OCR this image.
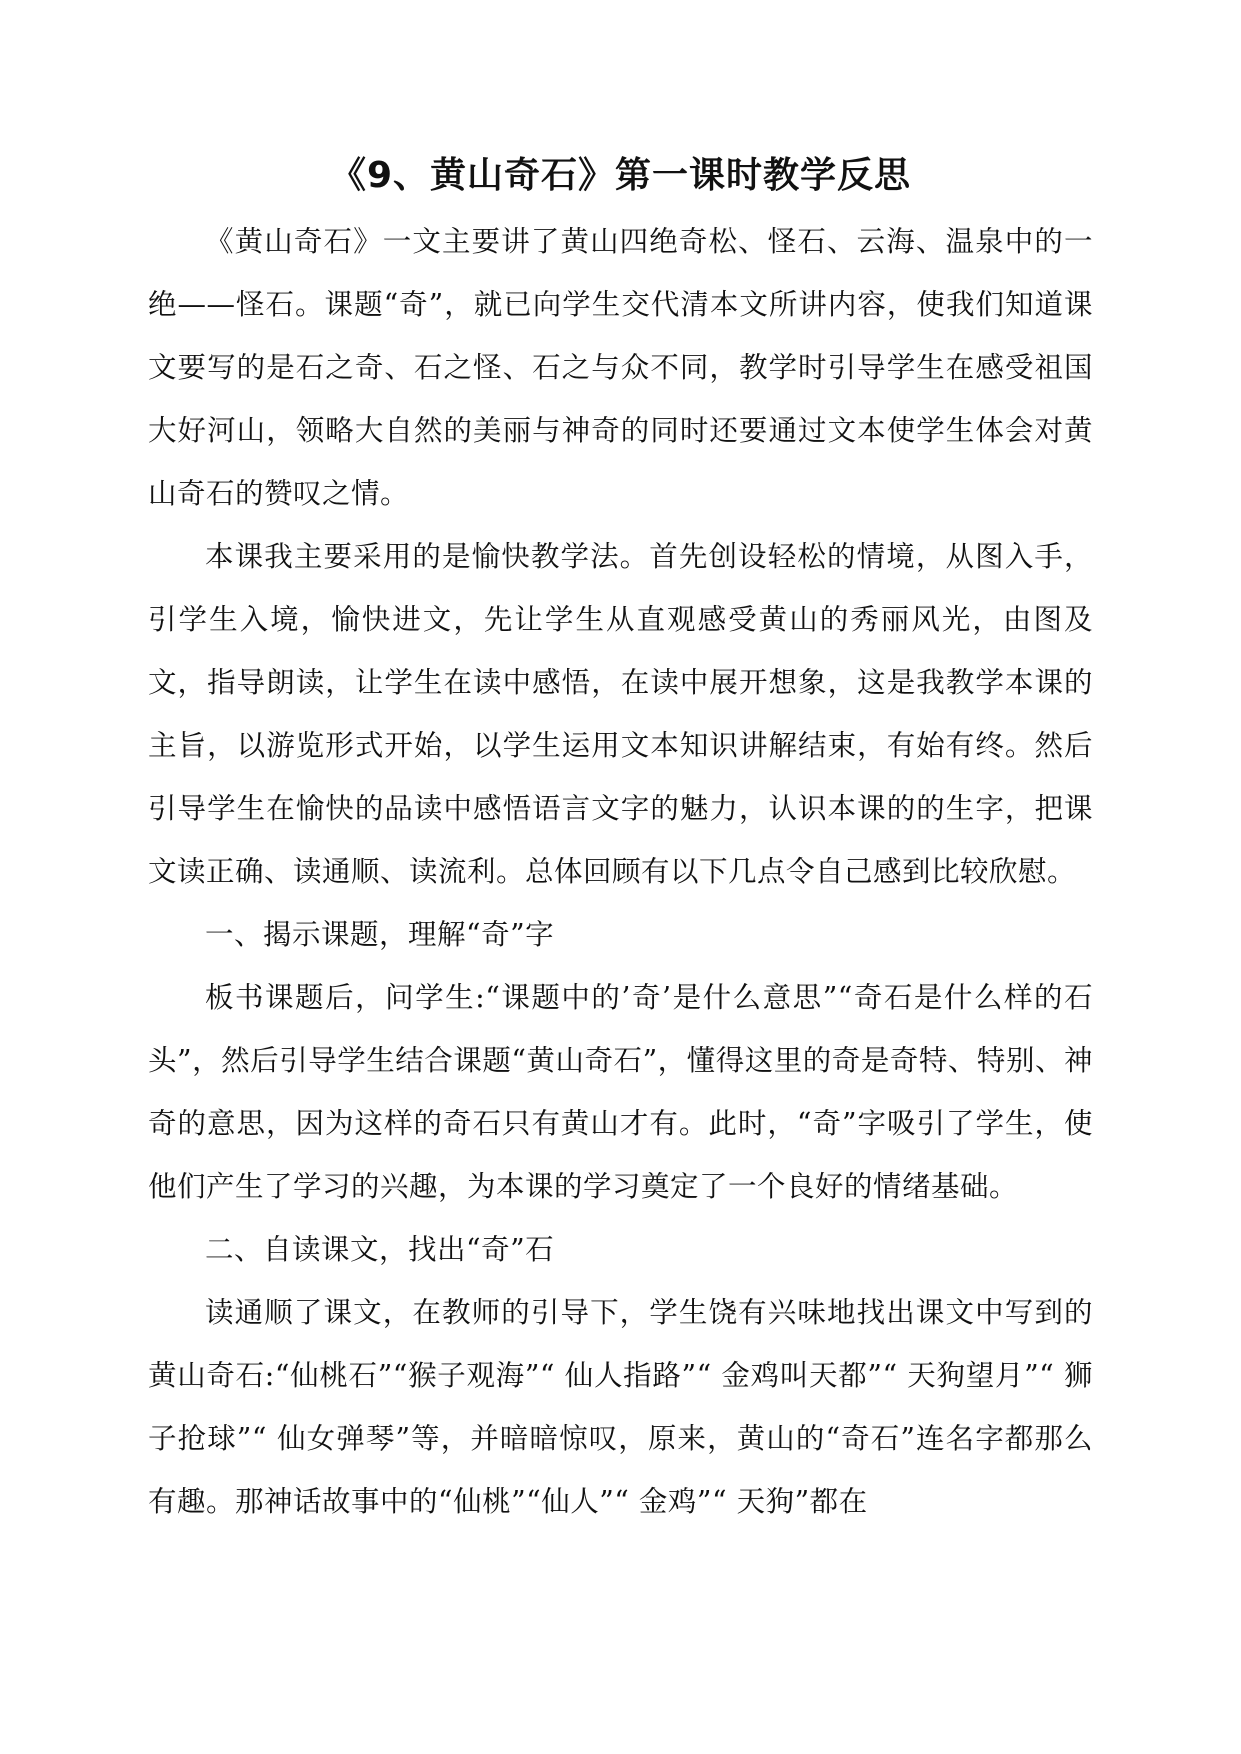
《9、黄山奇石》第一课时教学反思

《黄山奇石》一文主要讲了黄山四绝奇松、怪石、云海、温泉中的一绝——怪石。课题“奇”，就已向学生交代清本文所讲内容，使我们知道课文要写的是石之奇、石之怪、石之与众不同，教学时引导学生在感受祖国大好河山，领略大自然的美丽与神奇的同时还要通过文本使学生体会对黄山奇石的赞叹之情。

本课我主要采用的是愉快教学法。首先创设轻松的情境，从图入手，引学生入境，愉快进文，先让学生从直观感受黄山的秀丽风光，由图及文，指导朗读，让学生在读中感悟，在读中展开想象，这是我教学本课的主旨，以游览形式开始，以学生运用文本知识讲解结束，有始有终。然后引导学生在愉快的品读中感悟语言文字的魅力，认识本课的的生字，把课文读正确、读通顺、读流利。总体回顾有以下几点令自己感到比较欣慰。

一、揭示课题，理解“奇”字

板书课题后，问学生:“课题中的’奇’是什么意思”“奇石是什么样的石头”，然后引导学生结合课题“黄山奇石”，懂得这里的奇是奇特、特别、神奇的意思，因为这样的奇石只有黄山才有。此时，“奇”字吸引了学生，使他们产生了学习的兴趣，为本课的学习奠定了一个良好的情绪基础。

二、自读课文，找出“奇”石

读通顺了课文，在教师的引导下，学生饶有兴味地找出课文中写到的黄山奇石:“仙桃石”“猴子观海”“ 仙人指路”“ 金鸡叫天都”“ 天狗望月”“ 狮子抢球”“ 仙女弹琴”等，并暗暗惊叹，原来，黄山的“奇石”连名字都那么有趣。那神话故事中的“仙桃”“仙人”“ 金鸡”“ 天狗”都在
